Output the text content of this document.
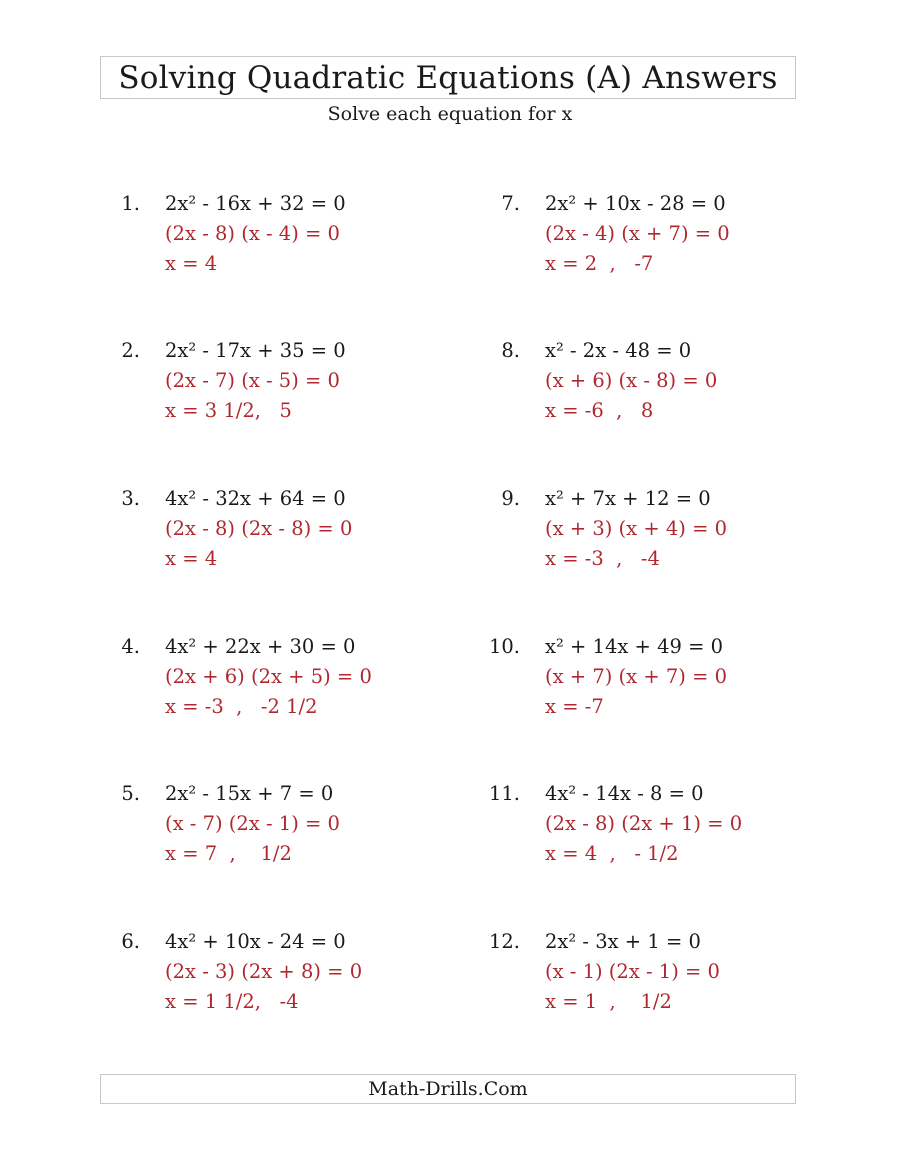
Solving Quadratic Equations (A) Answers
Solve each equation for x
1. 2x² - 16x + 32 = 0
(2x - 8) (x - 4) = 0
x = 4
2. 2x² - 17x + 35 = 0
(2x - 7) (x - 5) = 0
x = 3 1/2,   5
3. 4x² - 32x + 64 = 0
(2x - 8) (2x - 8) = 0
x = 4
4. 4x² + 22x + 30 = 0
(2x + 6) (2x + 5) = 0
x = -3  ,   -2 1/2
5. 2x² - 15x + 7 = 0
(x - 7) (2x - 1) = 0
x = 7  ,    1/2
6. 4x² + 10x - 24 = 0
(2x - 3) (2x + 8) = 0
x = 1 1/2,   -4
7. 2x² + 10x - 28 = 0
(2x - 4) (x + 7) = 0
x = 2  ,   -7
8. x² - 2x - 48 = 0
(x + 6) (x - 8) = 0
x = -6  ,   8
9. x² + 7x + 12 = 0
(x + 3) (x + 4) = 0
x = -3  ,   -4
10. x² + 14x + 49 = 0
(x + 7) (x + 7) = 0
x = -7
11. 4x² - 14x - 8 = 0
(2x - 8) (2x + 1) = 0
x = 4  ,   - 1/2
12. 2x² - 3x + 1 = 0
(x - 1) (2x - 1) = 0
x = 1  ,    1/2
Math-Drills.Com
